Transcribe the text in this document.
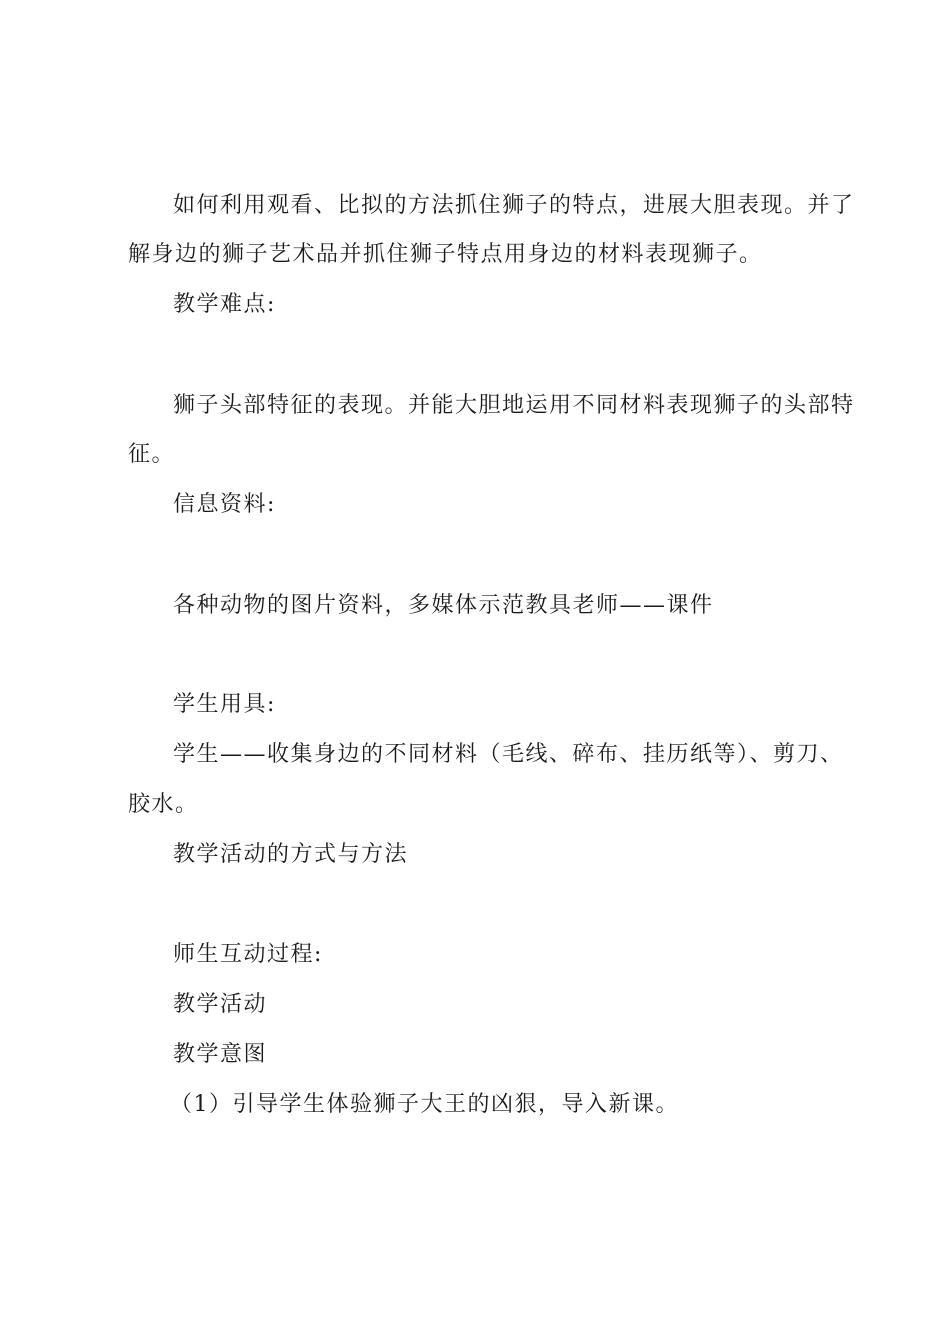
如何利用观看、比拟的方法抓住狮子的特点，进展大胆表现。并了
解身边的狮子艺术品并抓住狮子特点用身边的材料表现狮子。
教学难点:
狮子头部特征的表现。并能大胆地运用不同材料表现狮子的头部特
征。
信息资料:
各种动物的图片资料，多媒体示范教具老师——课件
学生用具:
学生——收集身边的不同材料（毛线、碎布、挂历纸等）、剪刀、
胶水。
教学活动的方式与方法
师生互动过程:
教学活动
教学意图
（1）引导学生体验狮子大王的凶狠，导入新课。
